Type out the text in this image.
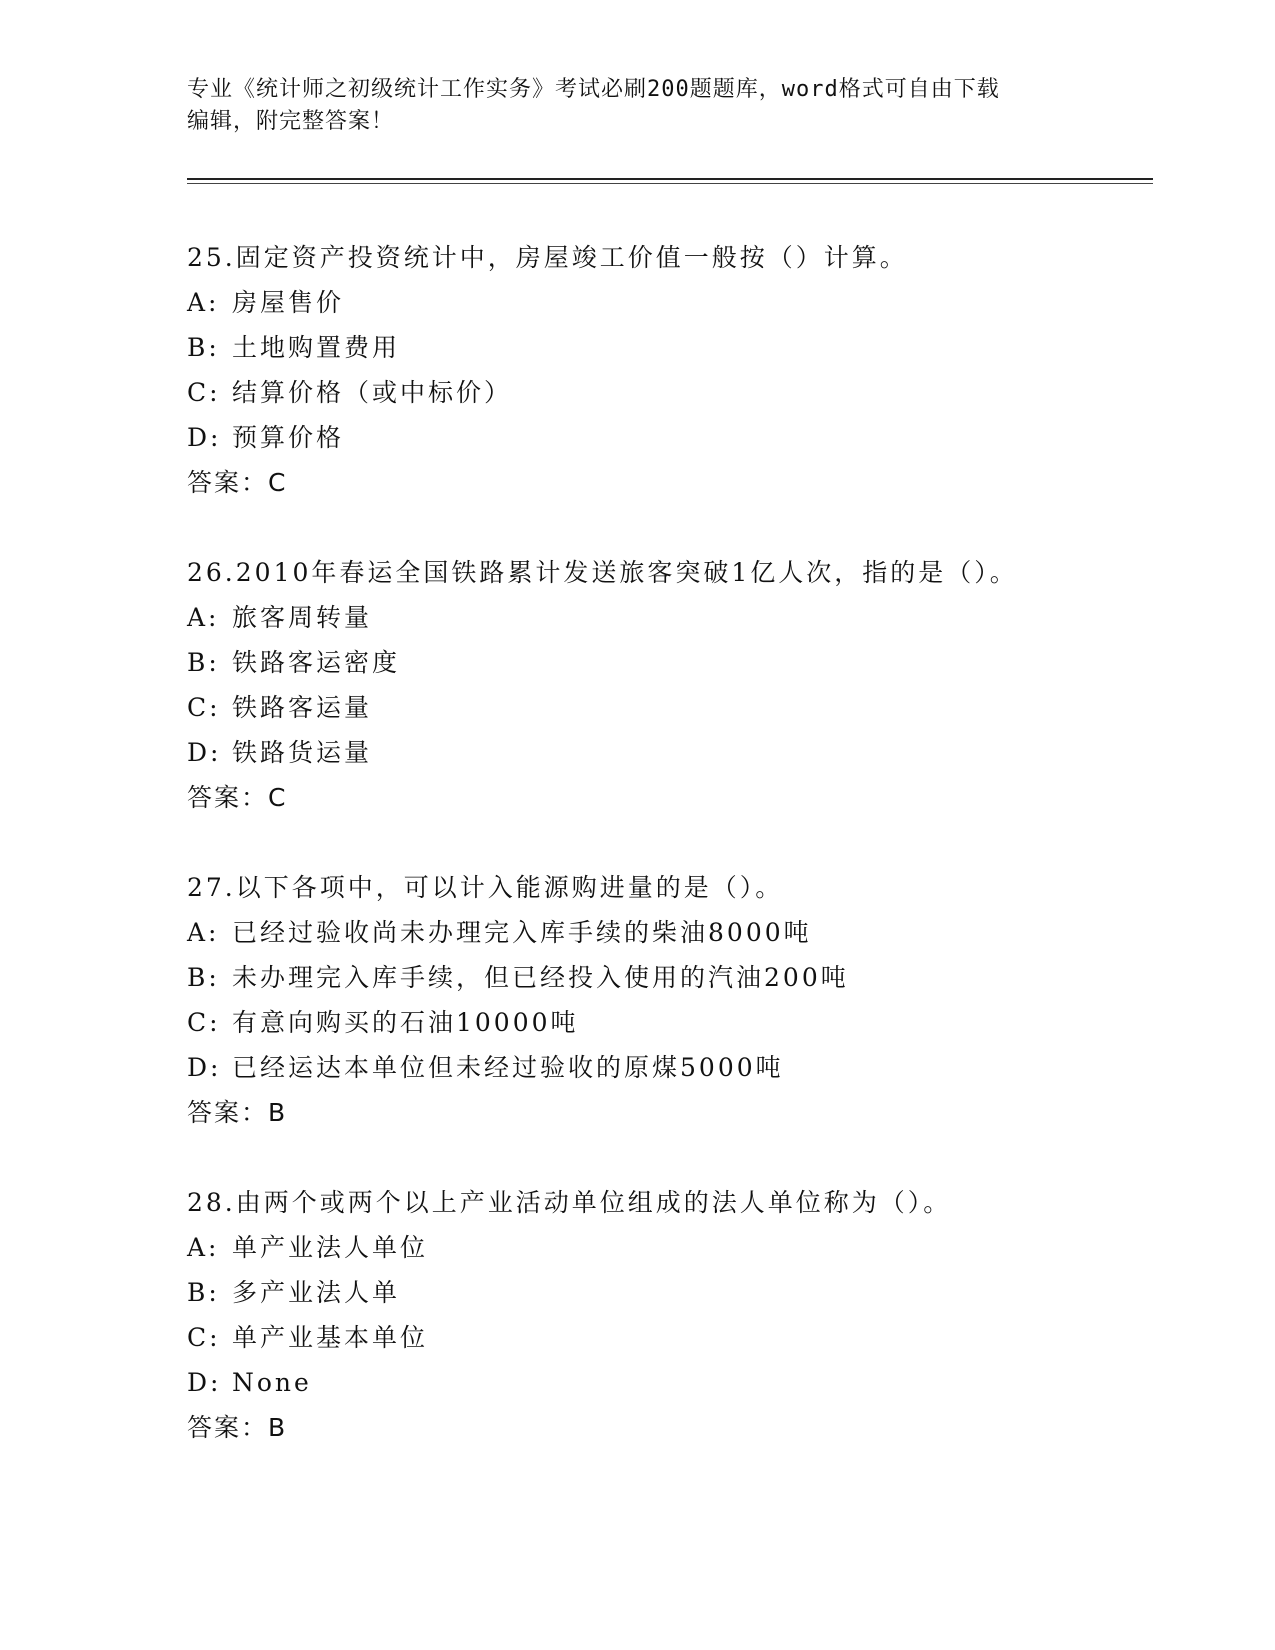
专业《统计师之初级统计工作实务》考试必刷200题题库，word格式可自由下载
编辑，附完整答案！
25.固定资产投资统计中，房屋竣工价值一般按（）计算。
A: 房屋售价
B: 土地购置费用
C: 结算价格（或中标价）
D: 预算价格
答案：C
26.2010年春运全国铁路累计发送旅客突破1亿人次，指的是（）。
A: 旅客周转量
B: 铁路客运密度
C: 铁路客运量
D: 铁路货运量
答案：C
27.以下各项中，可以计入能源购进量的是（）。
A: 已经过验收尚未办理完入库手续的柴油8000吨
B: 未办理完入库手续，但已经投入使用的汽油200吨
C: 有意向购买的石油10000吨
D: 已经运达本单位但未经过验收的原煤5000吨
答案：B
28.由两个或两个以上产业活动单位组成的法人单位称为（）。
A: 单产业法人单位
B: 多产业法人单
C: 单产业基本单位
D: None
答案：B
